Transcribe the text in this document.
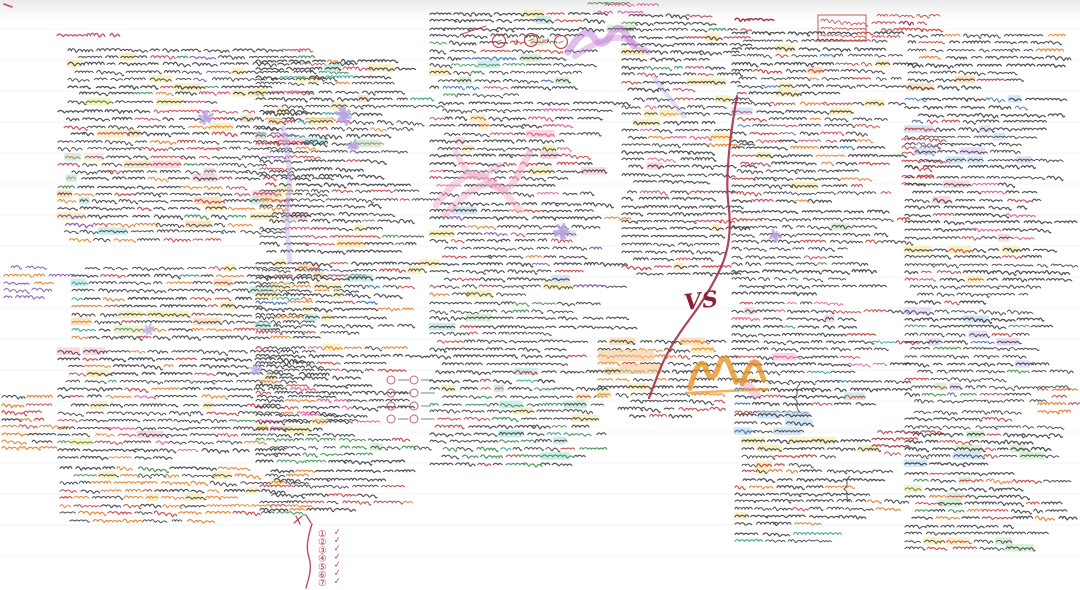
→	→
① ✓
② ✓
③ ✓
④ ✓
⑤ ✓
⑥ ✓
⑦ ✓
VS
